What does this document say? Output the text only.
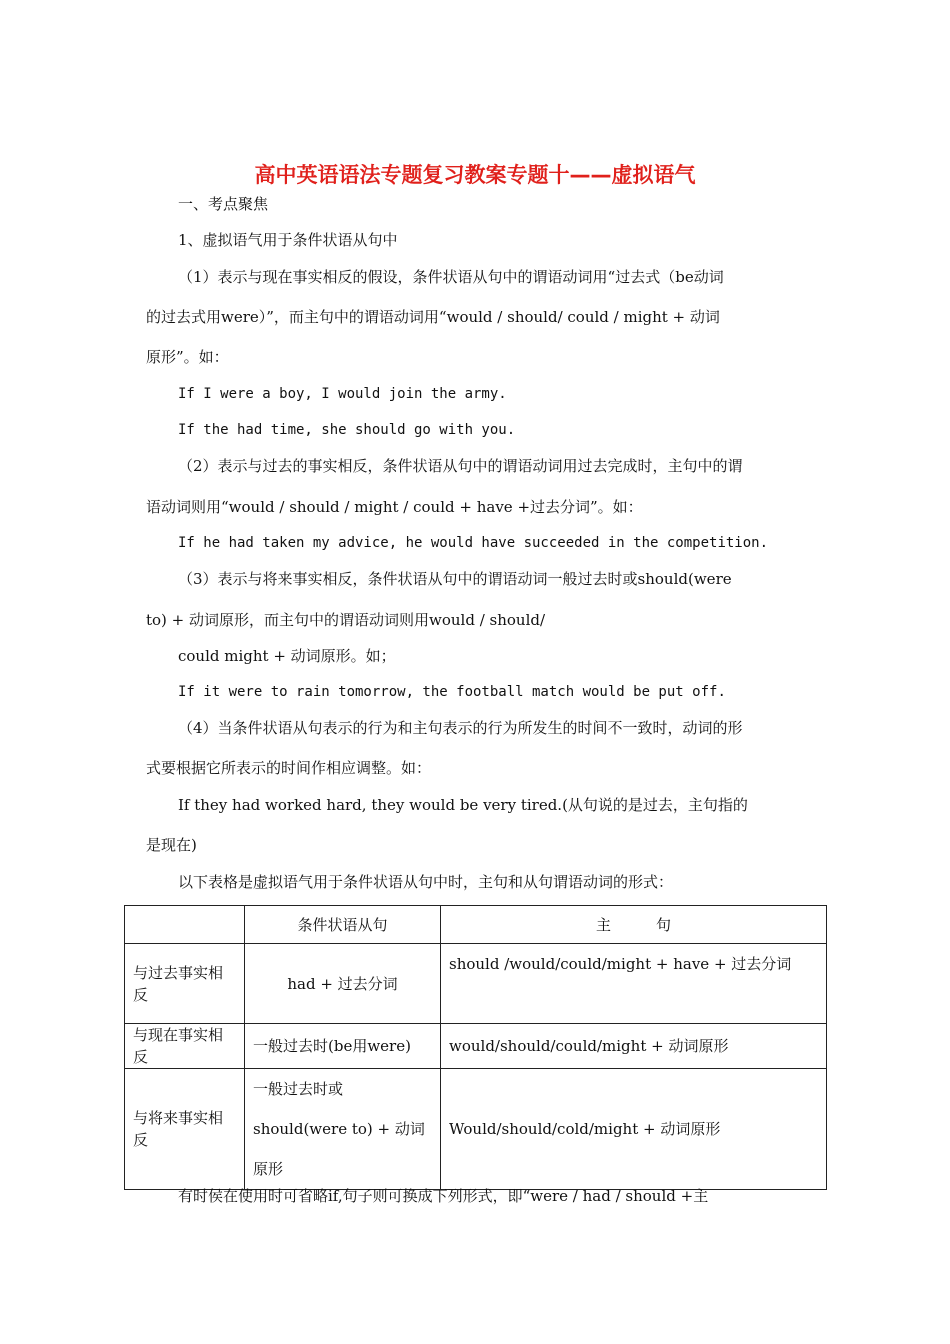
高中英语语法专题复习教案专题十——虚拟语气
一、考点聚焦
1、虚拟语气用于条件状语从句中
（1）表示与现在事实相反的假设，条件状语从句中的谓语动词用“过去式（be动词
的过去式用were）”，而主句中的谓语动词用“would / should/ could / might + 动词
原形”。如：
If I were a boy, I would join the army.
If the had time, she should go with you.
（2）表示与过去的事实相反，条件状语从句中的谓语动词用过去完成时，主句中的谓
语动词则用“would / should / might / could + have +过去分词”。如：
If he had taken my advice, he would have succeeded in the competition.
（3）表示与将来事实相反，条件状语从句中的谓语动词一般过去时或should(were
to) + 动词原形，而主句中的谓语动词则用would / should/
could might + 动词原形。如；
If it were to rain tomorrow, the football match would be put off.
（4）当条件状语从句表示的行为和主句表示的行为所发生的时间不一致时，动词的形
式要根据它所表示的时间作相应调整。如：
If they had worked hard, they would be very tired.(从句说的是过去，主句指的
是现在)
以下表格是虚拟语气用于条件状语从句中时，主句和从句谓语动词的形式：
	条件状语从句	主　　　句
与过去事实相反	had + 过去分词	should /would/could/might + have + 过去分词
与现在事实相反	一般过去时(be用were)	would/should/could/might + 动词原形
与将来事实相反	一般过去时或should(were to) + 动词原形	Would/should/cold/might + 动词原形
有时侯在使用时可省略if,句子则可换成下列形式，即“were / had / should +主
